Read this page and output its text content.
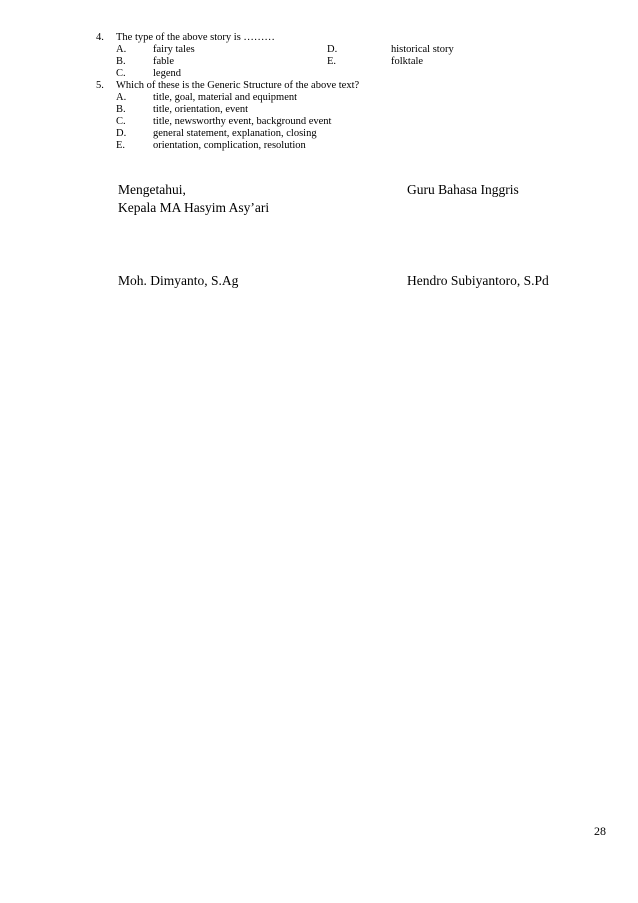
4. The type of the above story is ………
A.	fairy tales	D.	historical story
B.	fable	E.	folktale
C.	legend
5. Which of these is the Generic Structure of the above text?
A.	title, goal, material and equipment
B.	title, orientation, event
C.	title, newsworthy event, background event
D.	general statement, explanation, closing
E.	orientation, complication, resolution
Mengetahui,
Kepala MA Hasyim Asy’ari
Guru Bahasa Inggris
Moh. Dimyanto, S.Ag	Hendro Subiyantoro, S.Pd
28
